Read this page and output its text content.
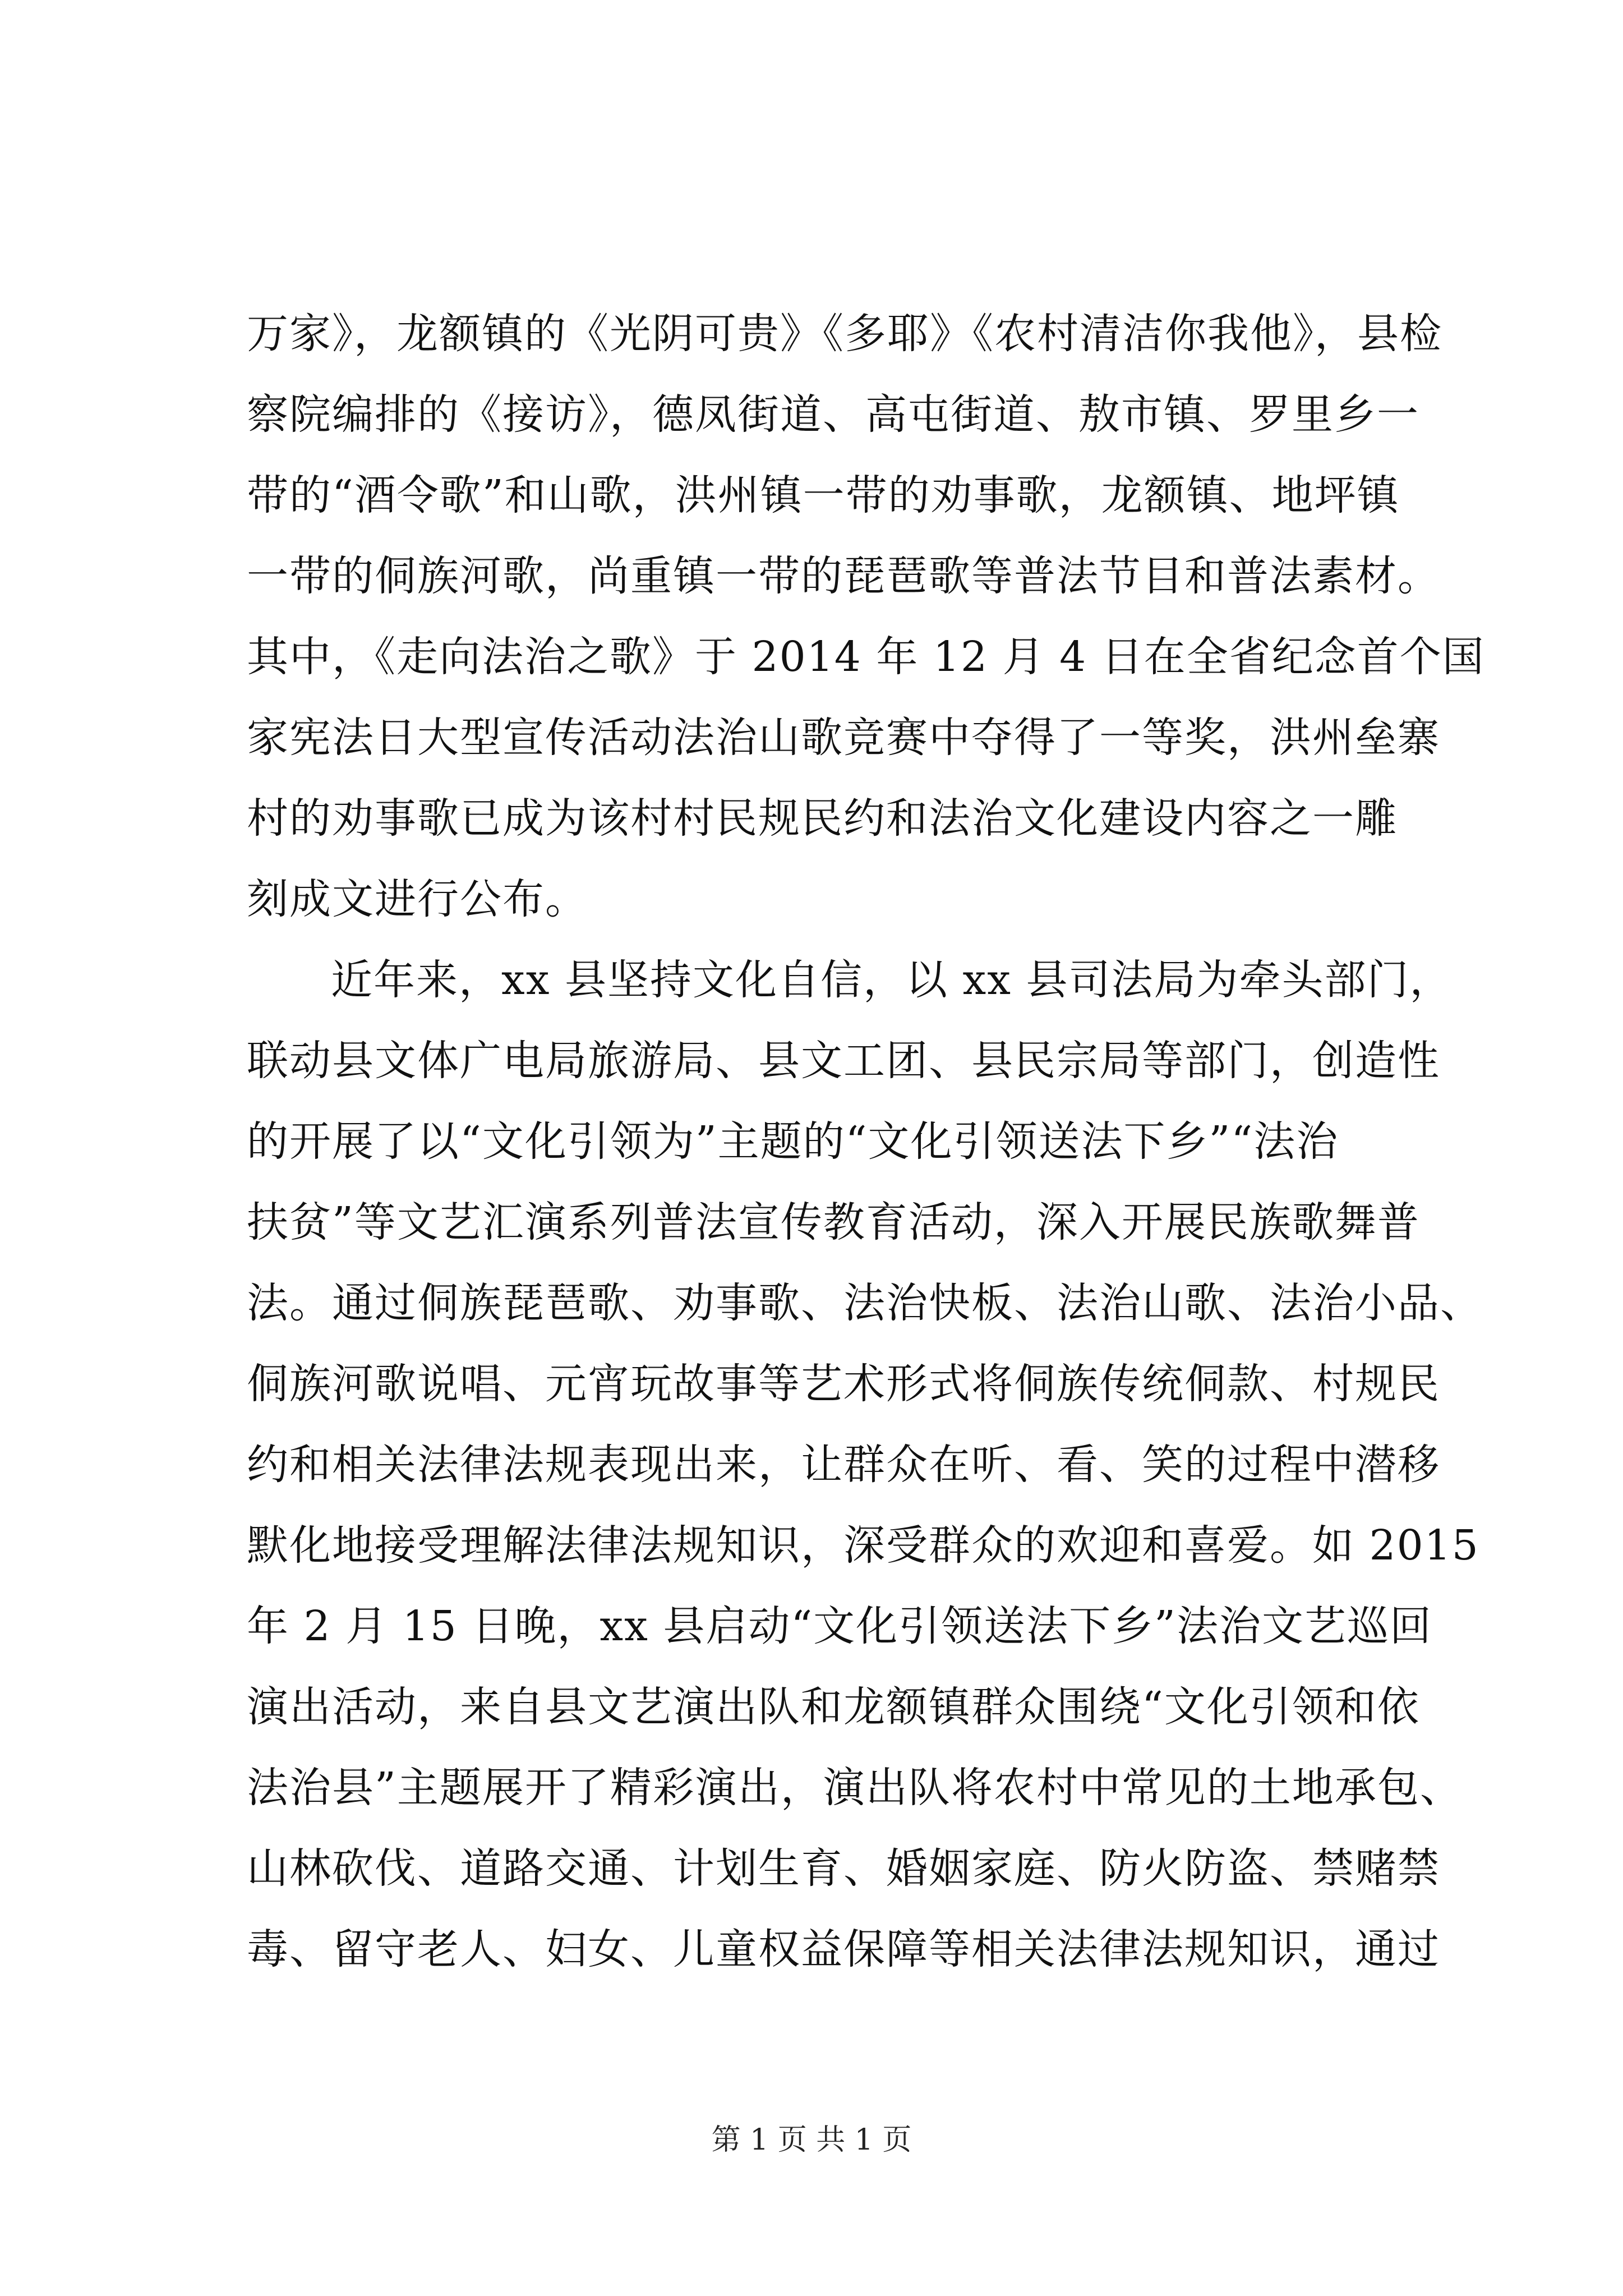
万家》，龙额镇的《光阴可贵》《多耶》《农村清洁你我他》，县检
察院编排的《接访》，德凤街道、高屯街道、敖市镇、罗里乡一
带的“酒令歌”和山歌，洪州镇一带的劝事歌，龙额镇、地坪镇
一带的侗族河歌，尚重镇一带的琵琶歌等普法节目和普法素材。
其中，《走向法治之歌》于 2014 年 12 月 4 日在全省纪念首个国
家宪法日大型宣传活动法治山歌竞赛中夺得了一等奖，洪州垒寨
村的劝事歌已成为该村村民规民约和法治文化建设内容之一雕
刻成文进行公布。
近年来，xx 县坚持文化自信，以 xx 县司法局为牵头部门，
联动县文体广电局旅游局、县文工团、县民宗局等部门，创造性
的开展了以“文化引领为”主题的“文化引领送法下乡”“法治
扶贫”等文艺汇演系列普法宣传教育活动，深入开展民族歌舞普
法。通过侗族琵琶歌、劝事歌、法治快板、法治山歌、法治小品、
侗族河歌说唱、元宵玩故事等艺术形式将侗族传统侗款、村规民
约和相关法律法规表现出来，让群众在听、看、笑的过程中潜移
默化地接受理解法律法规知识，深受群众的欢迎和喜爱。如 2015
年 2 月 15 日晚，xx 县启动“文化引领送法下乡”法治文艺巡回
演出活动，来自县文艺演出队和龙额镇群众围绕“文化引领和依
法治县”主题展开了精彩演出，演出队将农村中常见的土地承包、
山林砍伐、道路交通、计划生育、婚姻家庭、防火防盗、禁赌禁
毒、留守老人、妇女、儿童权益保障等相关法律法规知识，通过
第 1 页 共 1 页
